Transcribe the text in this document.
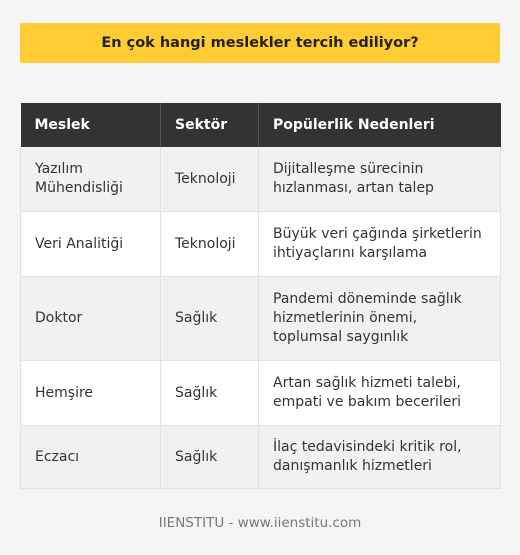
En çok hangi meslekler tercih ediliyor?
Meslek	Sektör	Popülerlik Nedenleri
Yazılım Mühendisliği	Teknoloji	Dijitalleşme sürecinin hızlanması, artan talep
Veri Analitiği	Teknoloji	Büyük veri çağında şirketlerin ihtiyaçlarını karşılama
Doktor	Sağlık	Pandemi döneminde sağlık hizmetlerinin önemi, toplumsal saygınlık
Hemşire	Sağlık	Artan sağlık hizmeti talebi, empati ve bakım becerileri
Eczacı	Sağlık	İlaç tedavisindeki kritik rol, danışmanlık hizmetleri
IIENSTITU - www.iienstitu.com
